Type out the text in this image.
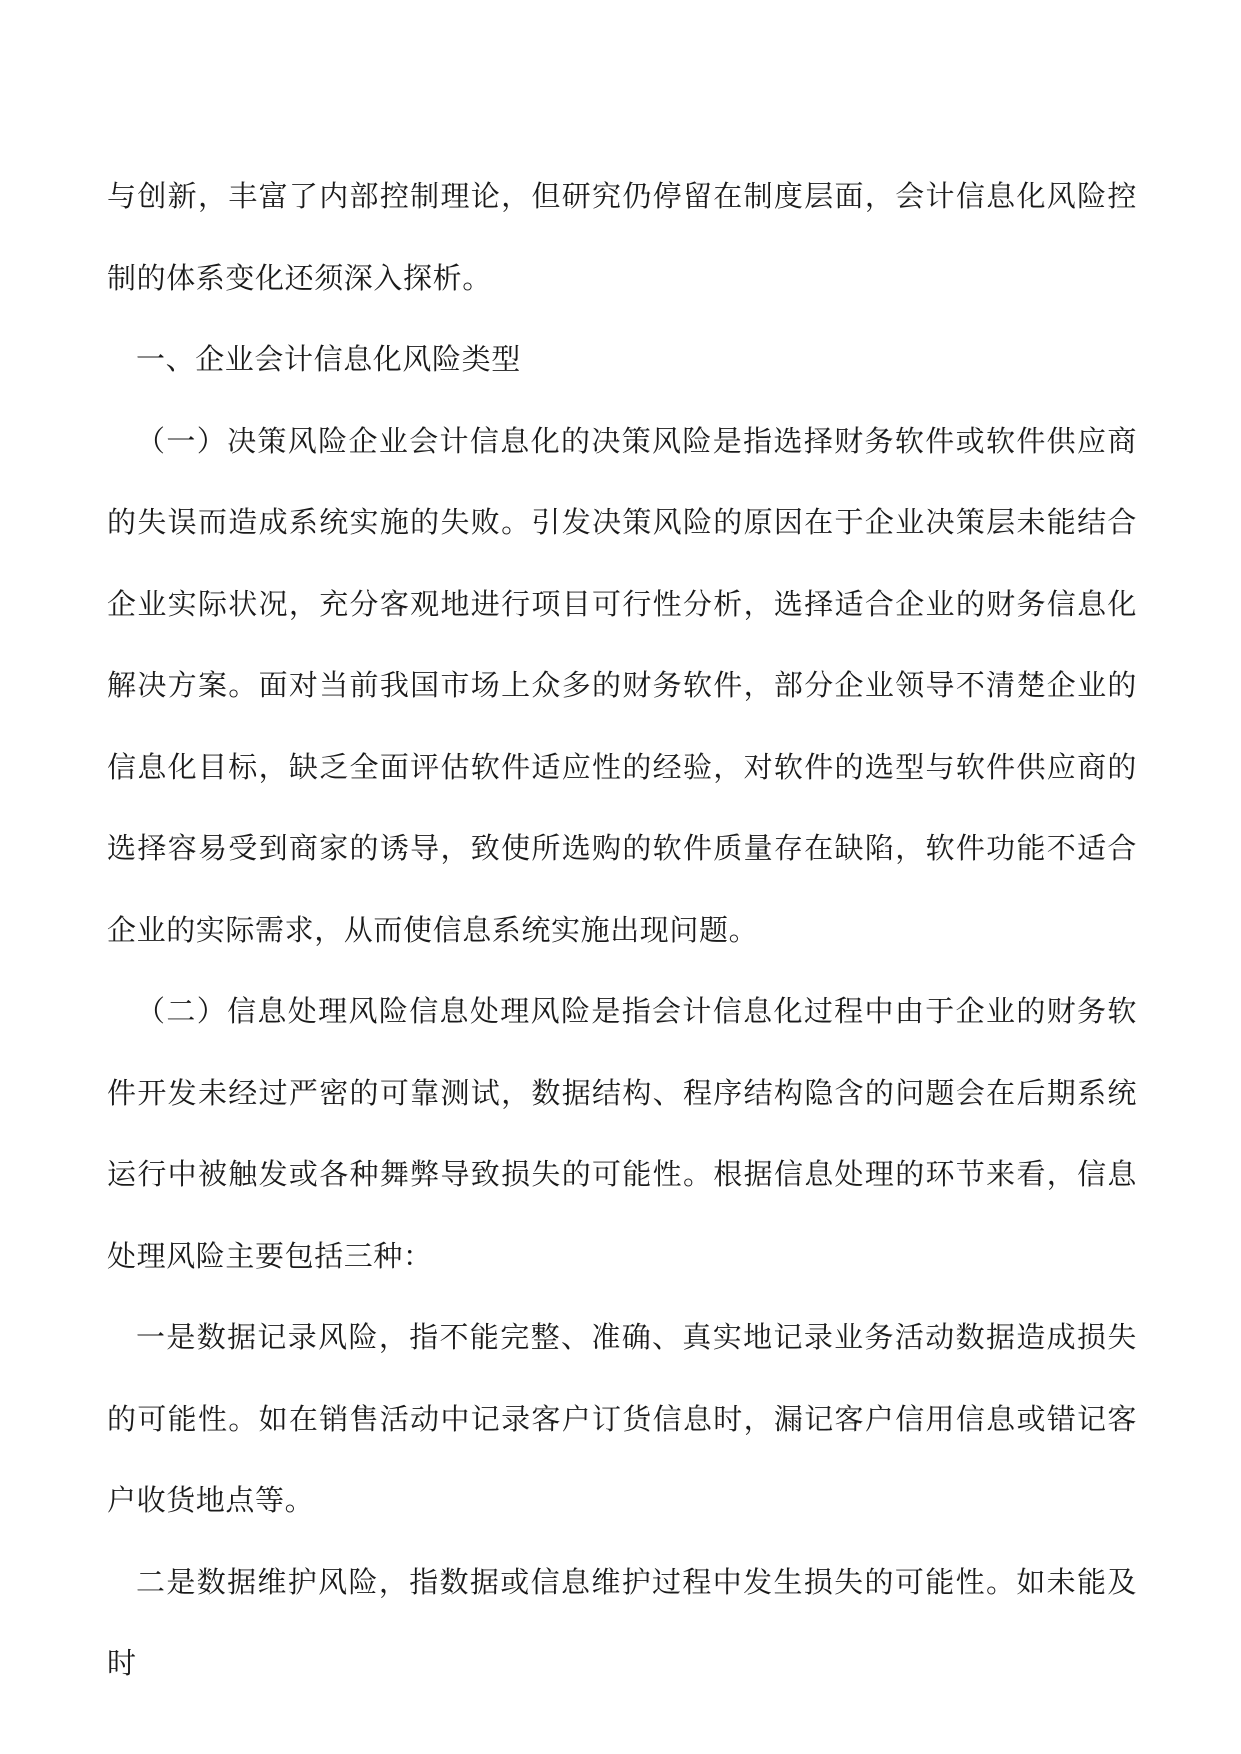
与创新，丰富了内部控制理论，但研究仍停留在制度层面，会计信息化风险控制的体系变化还须深入探析。

一、企业会计信息化风险类型

（一）决策风险企业会计信息化的决策风险是指选择财务软件或软件供应商的失误而造成系统实施的失败。引发决策风险的原因在于企业决策层未能结合企业实际状况，充分客观地进行项目可行性分析，选择适合企业的财务信息化解决方案。面对当前我国市场上众多的财务软件，部分企业领导不清楚企业的信息化目标，缺乏全面评估软件适应性的经验，对软件的选型与软件供应商的选择容易受到商家的诱导，致使所选购的软件质量存在缺陷，软件功能不适合企业的实际需求，从而使信息系统实施出现问题。

（二）信息处理风险信息处理风险是指会计信息化过程中由于企业的财务软件开发未经过严密的可靠测试，数据结构、程序结构隐含的问题会在后期系统运行中被触发或各种舞弊导致损失的可能性。根据信息处理的环节来看，信息处理风险主要包括三种：

一是数据记录风险，指不能完整、准确、真实地记录业务活动数据造成损失的可能性。如在销售活动中记录客户订货信息时，漏记客户信用信息或错记客户收货地点等。

二是数据维护风险，指数据或信息维护过程中发生损失的可能性。如未能及时
